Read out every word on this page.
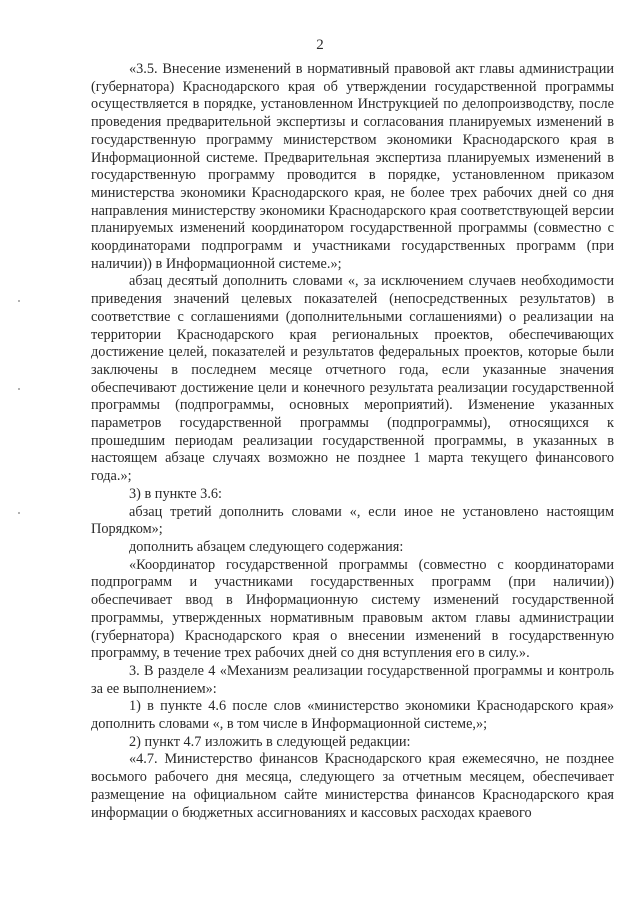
2

«3.5. Внесение изменений в нормативный правовой акт главы администрации (губернатора) Краснодарского края об утверждении государственной программы осуществляется в порядке, установленном Инструкцией по делопроизводству, после проведения предварительной экспертизы и согласования планируемых изменений в государственную программу министерством экономики Краснодарского края в Информационной системе. Предварительная экспертиза планируемых изменений в государственную программу проводится в порядке, установленном приказом министерства экономики Краснодарского края, не более трех рабочих дней со дня направления министерству экономики Краснодарского края соответствующей версии планируемых изменений координатором государственной программы (совместно с координаторами подпрограмм и участниками государственных программ (при наличии)) в Информационной системе.»;

абзац десятый дополнить словами «, за исключением случаев необходимости приведения значений целевых показателей (непосредственных результатов) в соответствие с соглашениями (дополнительными соглашениями) о реализации на территории Краснодарского края региональных проектов, обеспечивающих достижение целей, показателей и результатов федеральных проектов, которые были заключены в последнем месяце отчетного года, если указанные значения обеспечивают достижение цели и конечного результата реализации государственной программы (подпрограммы, основных мероприятий). Изменение указанных параметров государственной программы (подпрограммы), относящихся к прошедшим периодам реализации государственной программы, в указанных в настоящем абзаце случаях возможно не позднее 1 марта текущего финансового года.»;

3) в пункте 3.6:

абзац третий дополнить словами «, если иное не установлено настоящим Порядком»;

дополнить абзацем следующего содержания:

«Координатор государственной программы (совместно с координаторами подпрограмм и участниками государственных программ (при наличии)) обеспечивает ввод в Информационную систему изменений государственной программы, утвержденных нормативным правовым актом главы администрации (губернатора) Краснодарского края о внесении изменений в государственную программу, в течение трех рабочих дней со дня вступления его в силу.».

3. В разделе 4 «Механизм реализации государственной программы и контроль за ее выполнением»:

1) в пункте 4.6 после слов «министерство экономики Краснодарского края» дополнить словами «, в том числе в Информационной системе,»;

2) пункт 4.7 изложить в следующей редакции:

«4.7. Министерство финансов Краснодарского края ежемесячно, не позднее восьмого рабочего дня месяца, следующего за отчетным месяцем, обеспечивает размещение на официальном сайте министерства финансов Краснодарского края информации о бюджетных ассигнованиях и кассовых расходах краевого
